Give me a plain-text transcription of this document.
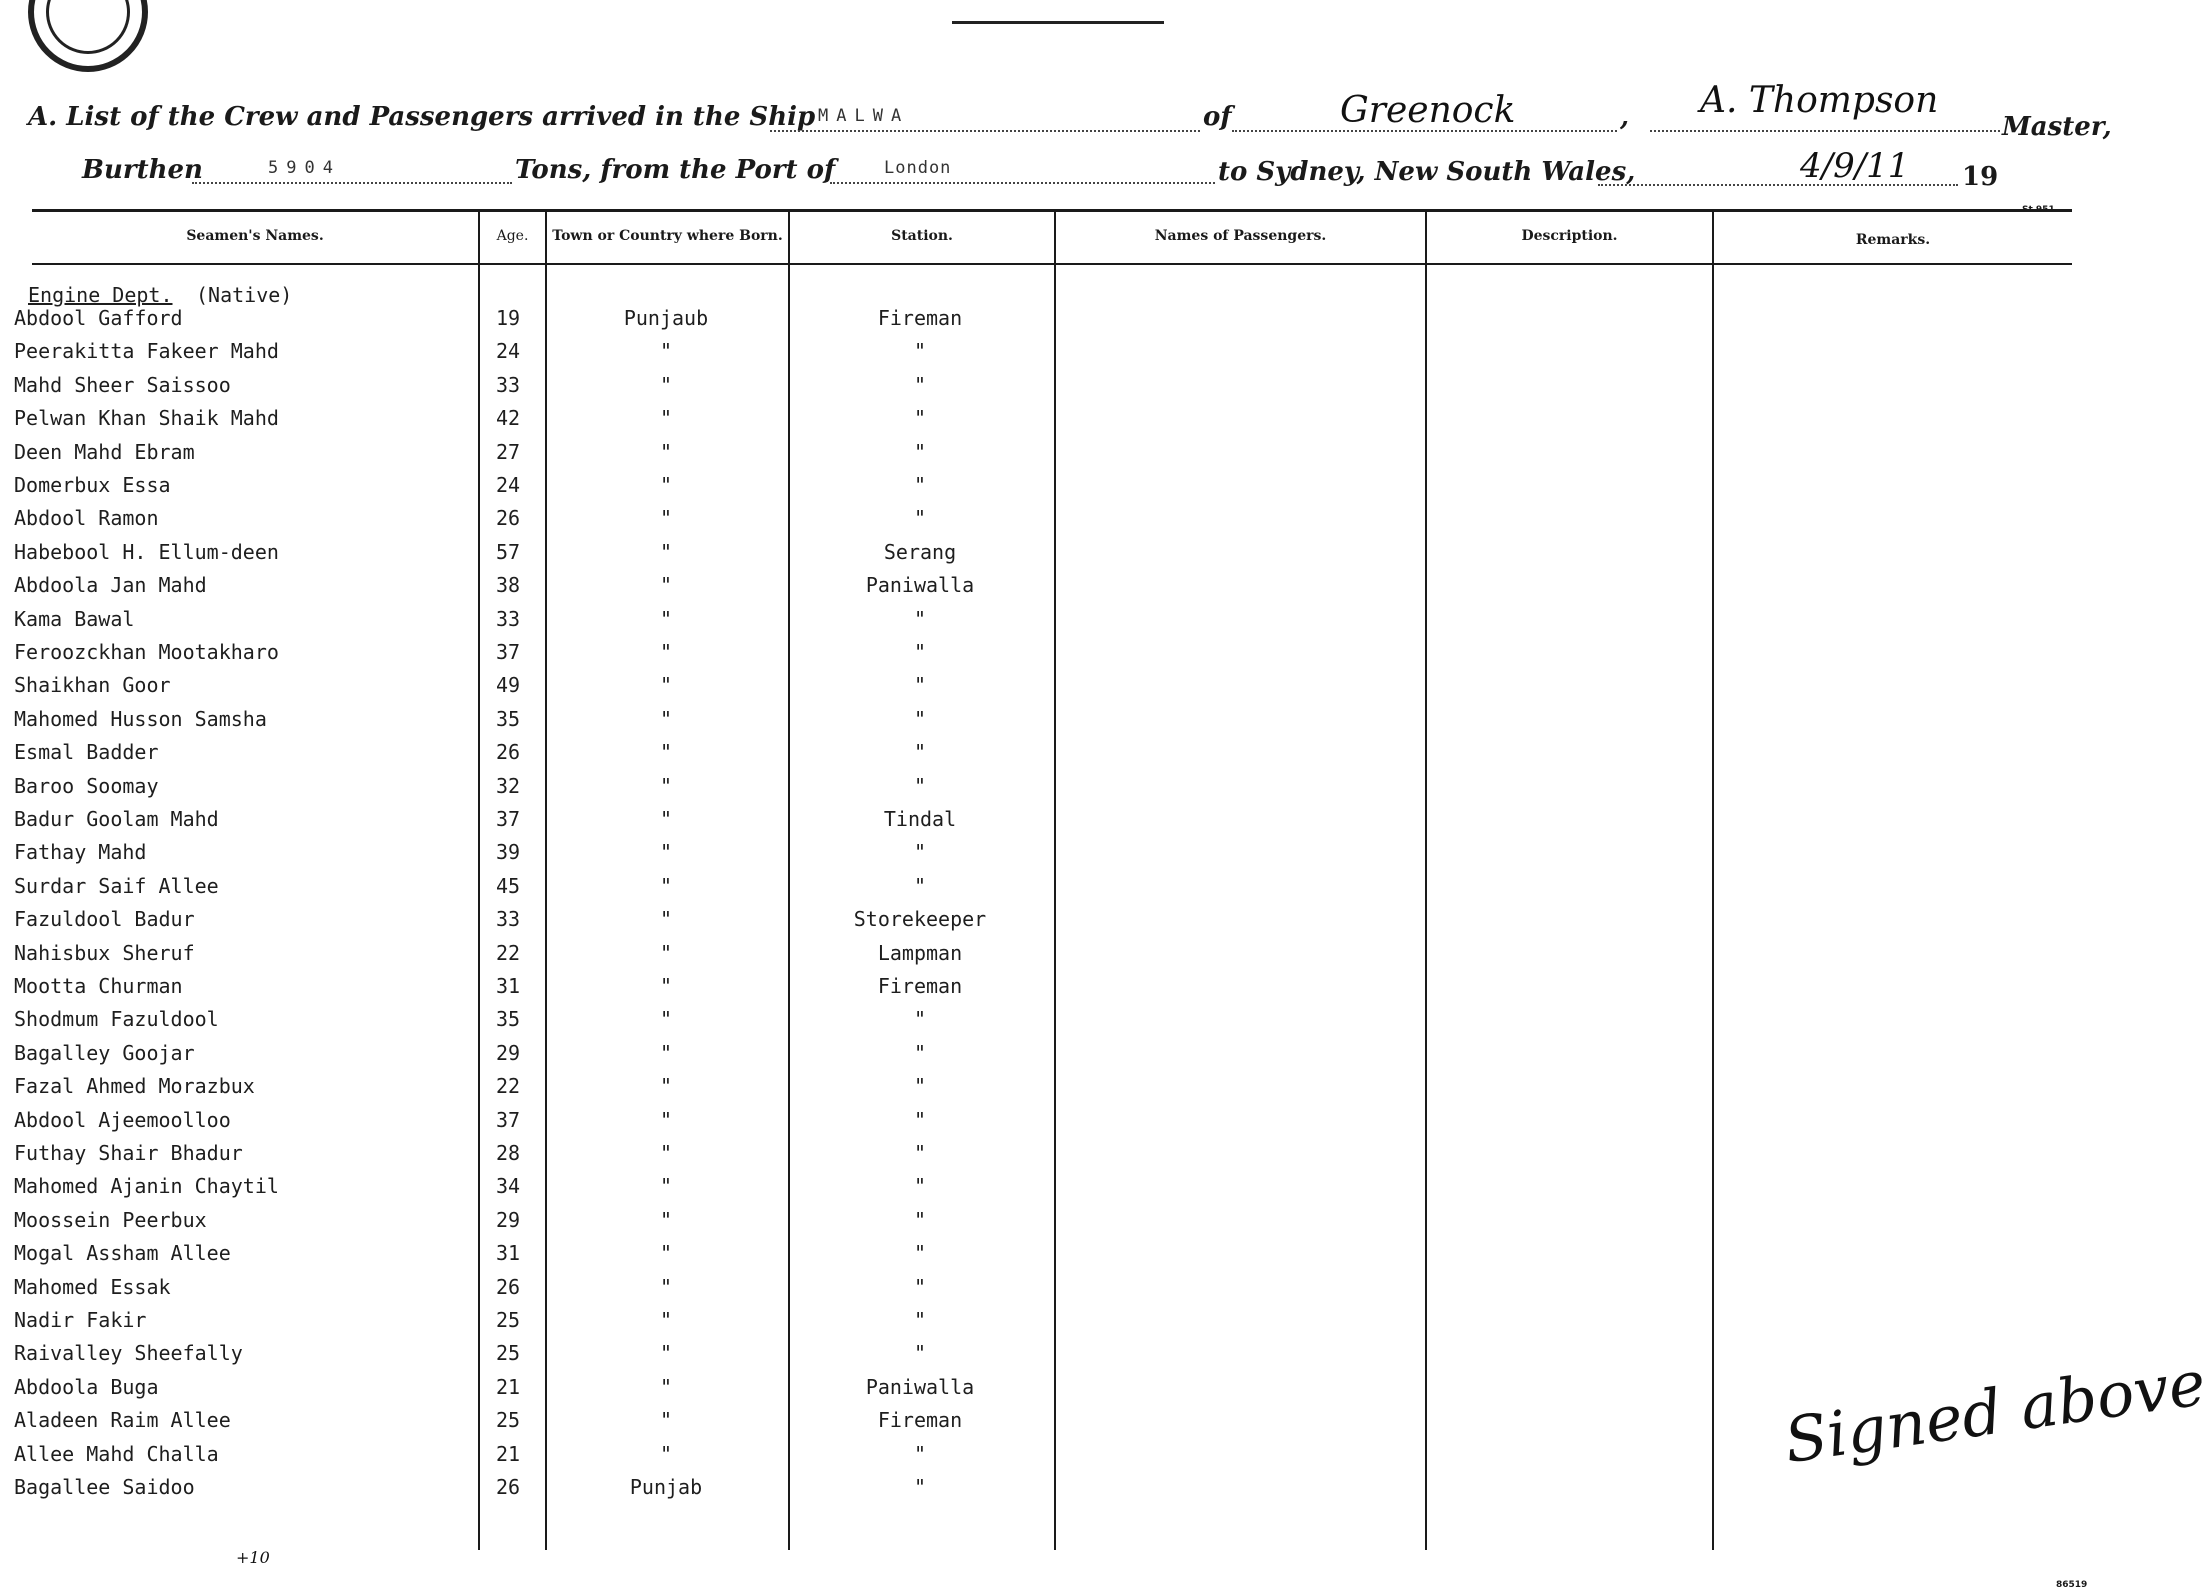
A. List of the Crew and Passengers arrived in the Ship MALWA	of	Greenock	, A. Thompson
Master,
Burthen	5904	Tons, from the Port of	London	to Sydney, New South Wales,	4/9/11 19
Seamen's Names.	Age.	Town or Country where Born.	Station.	Names of Passengers.	Description.	Remarks.
Engine Dept. (Native)
Abdool Gafford	19	Punjaub	Fireman
Peerakitta Fakeer Mahd	24	"	"
Mahd Sheer Saissoo	33	"	"
Pelwan Khan Shaik Mahd	42	"	"
Deen Mahd Ebram	27	"	"
Domerbux Essa	24	"	"
Abdool Ramon	26	"	"
Habebool H. Ellum-deen	57	"	Serang
Abdoola Jan Mahd	38	"	Paniwalla
Kama Bawal	33	"	"
Feroozckhan Mootakharo	37	"	"
Shaikhan Goor	49	"	"
Mahomed Husson Samsha	35	"	"
Esmal Badder	26	"	"
Baroo Soomay	32	"	"
Badur Goolam Mahd	37	"	Tindal
Fathay Mahd	39	"	"
Surdar Saif Allee	45	"	"
Fazuldool Badur	33	"	Storekeeper
Nahisbux Sheruf	22	"	Lampman
Mootta Churman	31	"	Fireman
Shodmum Fazuldool	35	"	"
Bagalley Goojar	29	"	"
Fazal Ahmed Morazbux	22	"	"
Abdool Ajeemoolloo	37	"	"
Futhay Shair Bhadur	28	"	"
Mahomed Ajanin Chaytil	34	"	"
Moossein Peerbux	29	"	"
Mogal Assham Allee	31	"	"
Mahomed Essak	26	"	"
Nadir Fakir	25	"	"
Raivalley Sheefally	25	"	"
Abdoola Buga	21	"	Paniwalla
Aladeen Raim Allee	25	"	Fireman
Allee Mahd Challa	21	"	"
Bagallee Saidoo	26	Punjab	"
Signed above
+10
86519
